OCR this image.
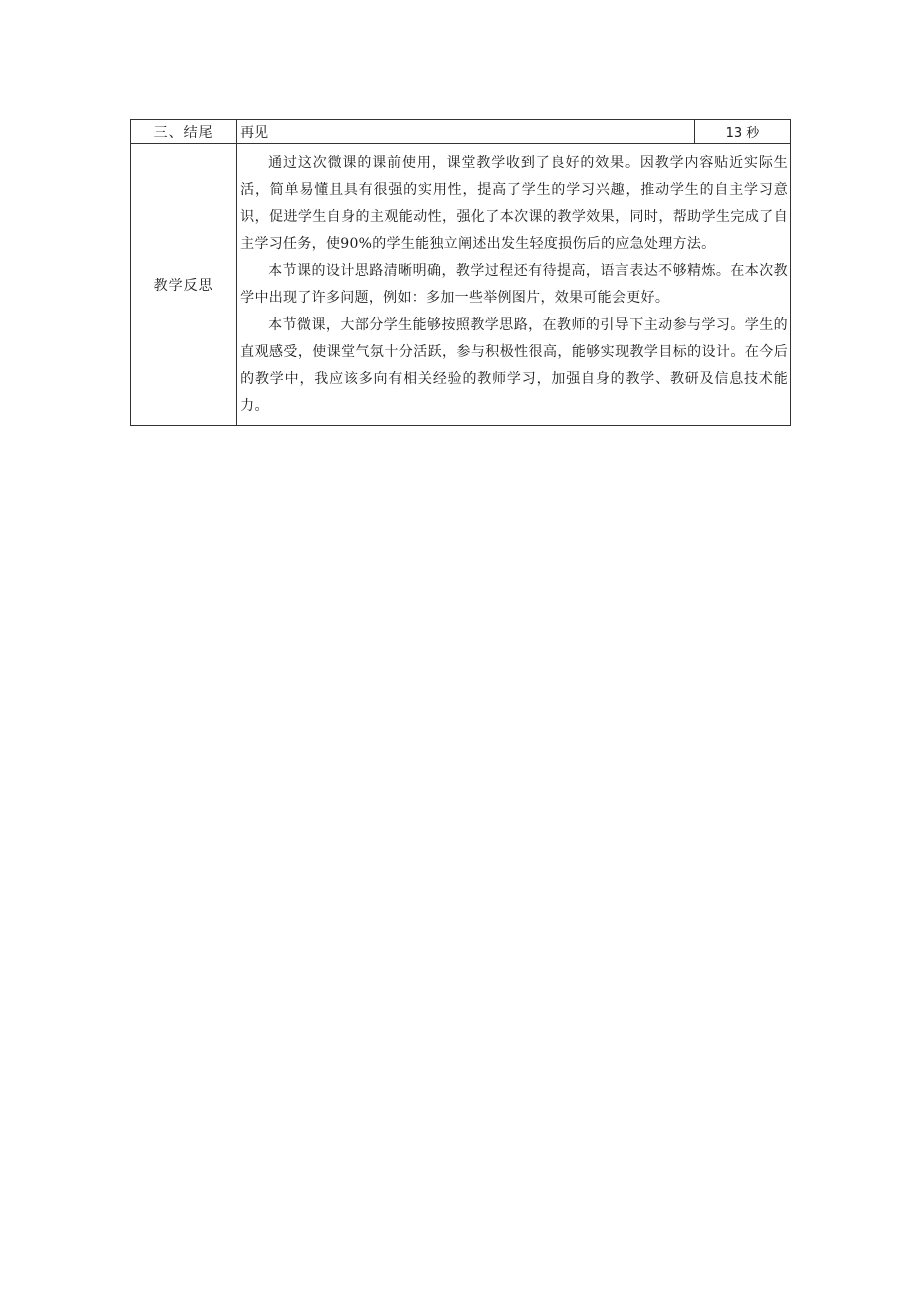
三、结尾	再见	13 秒
教学反思	通过这次微课的课前使用，课堂教学收到了良好的效果。因教学内容贴近实际生活，简单易懂且具有很强的实用性，提高了学生的学习兴趣，推动学生的自主学习意识，促进学生自身的主观能动性，强化了本次课的教学效果，同时，帮助学生完成了自主学习任务，使90%的学生能独立阐述出发生轻度损伤后的应急处理方法。

本节课的设计思路清晰明确，教学过程还有待提高，语言表达不够精炼。在本次教学中出现了许多问题，例如：多加一些举例图片，效果可能会更好。

本节微课，大部分学生能够按照教学思路，在教师的引导下主动参与学习。学生的直观感受，使课堂气氛十分活跃，参与积极性很高，能够实现教学目标的设计。在今后的教学中，我应该多向有相关经验的教师学习，加强自身的教学、教研及信息技术能力。	
